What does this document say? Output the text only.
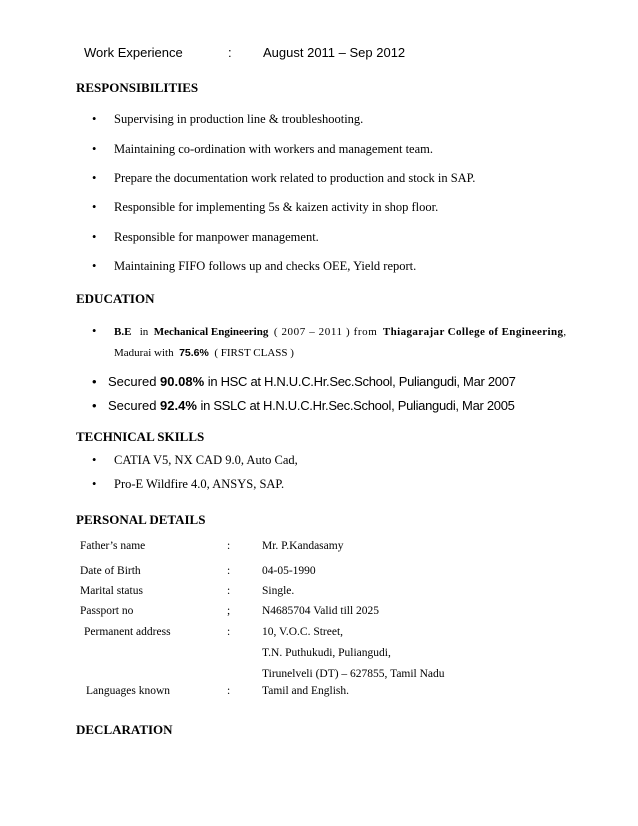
Work Experience	: August 2011 – Sep 2012
RESPONSIBILITIES
• Supervising in production line & troubleshooting.
• Maintaining co-ordination with workers and management team.
• Prepare the documentation work related to production and stock in SAP.
• Responsible for implementing 5s & kaizen activity in shop floor.
• Responsible for manpower management.
• Maintaining FIFO follows up and checks OEE, Yield report.
EDUCATION
• B.E in Mechanical Engineering ( 2007 – 2011 ) from Thiagarajar College of Engineering,
Madurai with 75.6% ( FIRST CLASS )
• Secured 90.08% in HSC at H.N.U.C.Hr.Sec.School, Puliangudi, Mar 2007
• Secured 92.4% in SSLC at H.N.U.C.Hr.Sec.School, Puliangudi, Mar 2005
TECHNICAL SKILLS
• CATIA V5, NX CAD 9.0, Auto Cad,
• Pro-E Wildfire 4.0, ANSYS, SAP.
PERSONAL DETAILS
Father’s name	:	Mr. P.Kandasamy
Date of Birth	:	04-05-1990
Marital status	:	Single.
Passport no	;	N4685704 Valid till 2025
Permanent address	:	10, V.O.C. Street,
T.N. Puthukudi, Puliangudi,
Tirunelveli (DT) – 627855, Tamil Nadu
Languages known	:	Tamil and English.
DECLARATION
